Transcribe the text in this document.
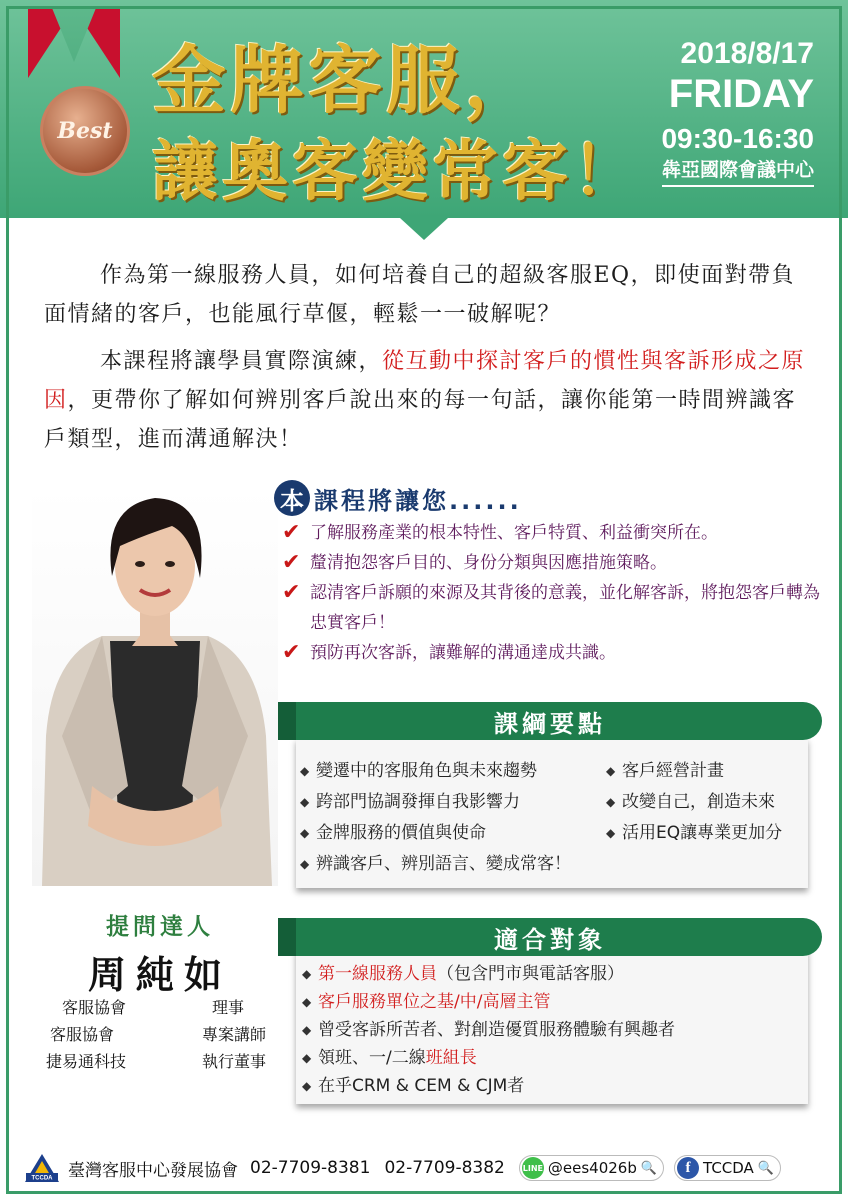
Best
金牌客服，
讓奧客變常客！
2018/8/17
FRIDAY
09:30-16:30
犇亞國際會議中心

作為第一線服務人員，如何培養自己的超級客服EQ，即使面對帶負面情緒的客戶，也能風行草偃，輕鬆一一破解呢？

本課程將讓學員實際演練，從互動中探討客戶的慣性與客訴形成之原因，更帶你了解如何辨別客戶說出來的每一句話，讓你能第一時間辨識客戶類型，進而溝通解決！

本 課程將讓您......
✔ 了解服務產業的根本特性、客戶特質、利益衝突所在。
✔ 釐清抱怨客戶目的、身份分類與因應措施策略。
✔ 認清客戶訴願的來源及其背後的意義，並化解客訴，將抱怨客戶轉為忠實客戶！
✔ 預防再次客訴，讓難解的溝通達成共識。
課綱要點
◆ 變遷中的客服角色與未來趨勢
◆ 跨部門協調發揮自我影響力
◆ 金牌服務的價值與使命
◆ 客戶經營計畫
◆ 改變自己，創造未來
◆ 活用EQ讓專業更加分
◆ 辨識客戶、辨別語言、變成常客！
適合對象
◆ 第一線服務人員 （包含門市與電話客服）
◆ 客戶服務單位之基/中/高層主管
◆ 曾受客訴所苦者、對創造優質服務體驗有興趣者
◆ 領班、一/二線 班組長
◆ 在乎CRM & CEM & CJM者
提問達人
周純如
客服協會	理事
客服協會	專案講師
捷易通科技	執行董事
TCCDA 臺灣客服中心發展協會 02-7709-8381 02-7709-8382 LINE @ees4026b 🔍	f TCCDA 🔍
